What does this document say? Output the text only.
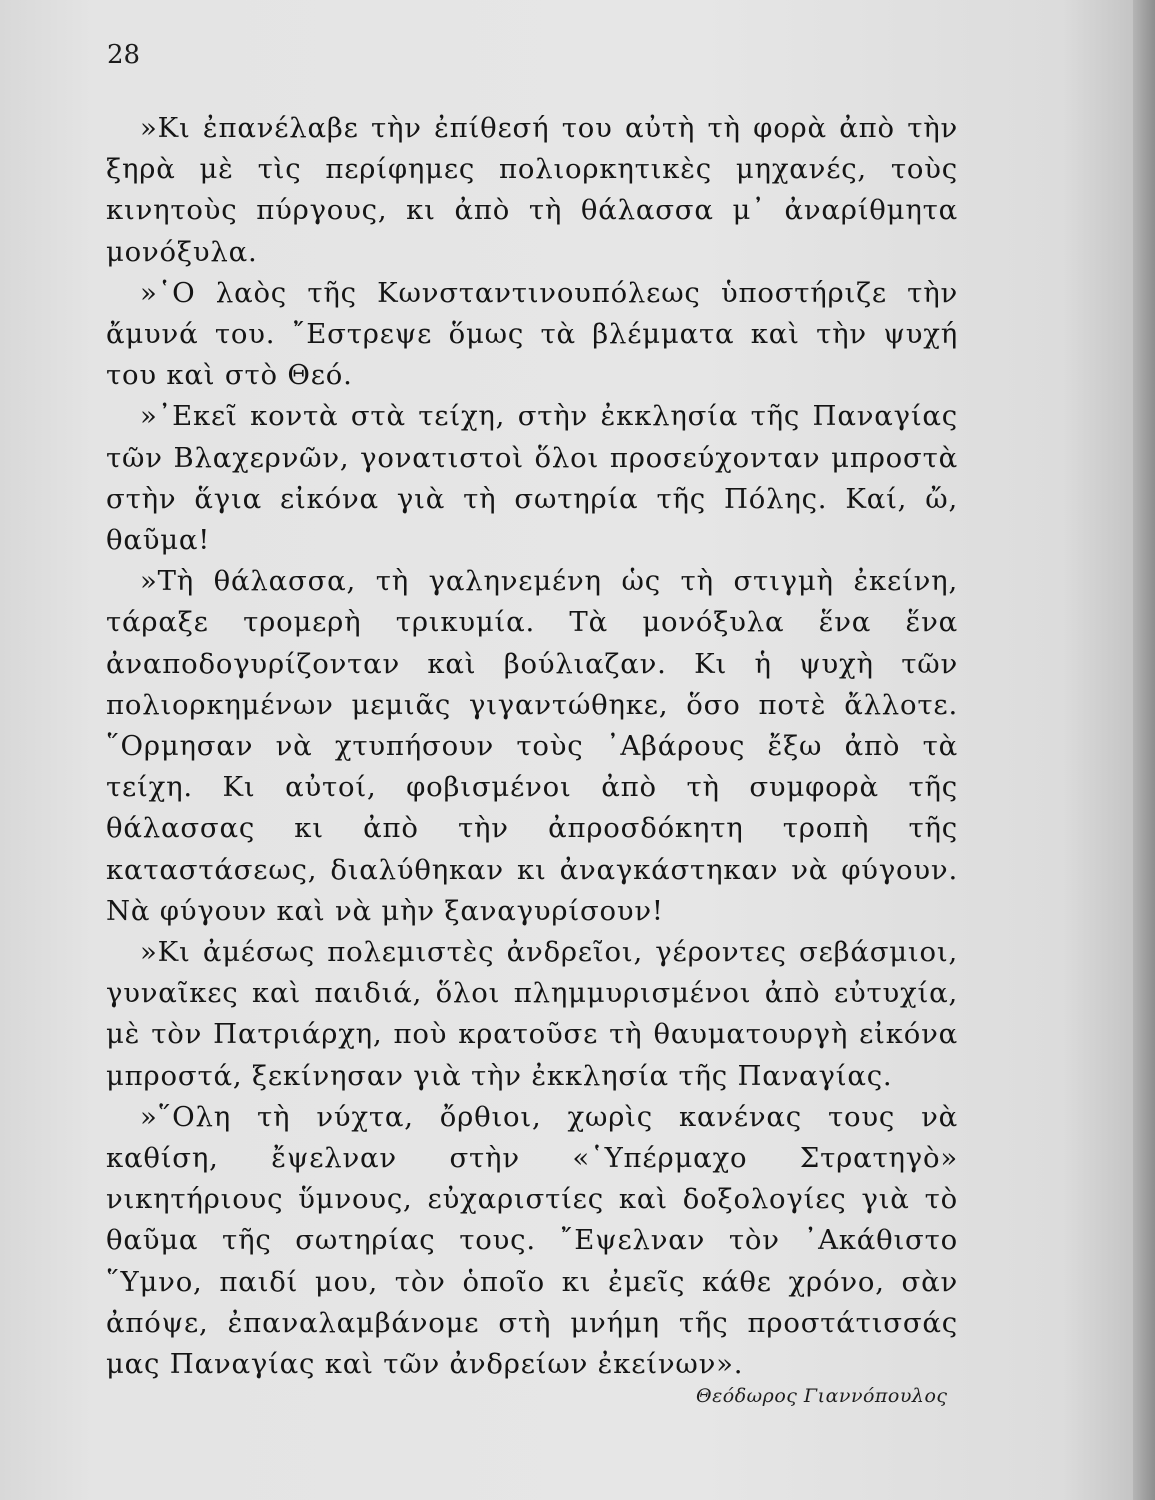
28

»Κι ἐπανέλαβε τὴν ἐπίθεσή του αὐτὴ τὴ φορὰ ἀπὸ τὴν ξηρὰ μὲ τὶς περίφημες πολιορκητικὲς μηχανές, τοὺς κινητοὺς πύργους, κι ἀπὸ τὴ θάλασσα μ᾽ ἀναρίθμητα μονόξυλα.

»῾Ο λαὸς τῆς Κωνσταντινουπόλεως ὑποστήριζε τὴν ἄμυνά του. ῎Εστρεψε ὅμως τὰ βλέμματα καὶ τὴν ψυχή του καὶ στὸ Θεό.

»᾽Εκεῖ κοντὰ στὰ τείχη, στὴν ἐκκλησία τῆς Παναγίας τῶν Βλαχερνῶν, γονατιστοὶ ὅλοι προσεύχονταν μπροστὰ στὴν ἅγια εἰκόνα γιὰ τὴ σωτηρία τῆς Πόλης. Καί, ὤ, θαῦμα!

»Τὴ θάλασσα, τὴ γαληνεμένη ὡς τὴ στιγμὴ ἐκείνη, τάραξε τρομερὴ τρικυμία. Τὰ μονόξυλα ἕνα ἕνα ἀναποδογυρίζονταν καὶ βούλιαζαν. Κι ἡ ψυχὴ τῶν πολιορκημένων μεμιᾶς γιγαντώθηκε, ὅσο ποτὲ ἄλλοτε. ῞Ορμησαν νὰ χτυπήσουν τοὺς ᾽Αβάρους ἔξω ἀπὸ τὰ τείχη. Κι αὐτοί, φοβισμένοι ἀπὸ τὴ συμφορὰ τῆς θάλασσας κι ἀπὸ τὴν ἀπροσδόκητη τροπὴ τῆς καταστάσεως, διαλύθηκαν κι ἀναγκάστηκαν νὰ φύγουν. Νὰ φύγουν καὶ νὰ μὴν ξαναγυρίσουν!

»Κι ἀμέσως πολεμιστὲς ἀνδρεῖοι, γέροντες σεβάσμιοι, γυναῖκες καὶ παιδιά, ὅλοι πλημμυρισμένοι ἀπὸ εὐτυχία, μὲ τὸν Πατριάρχη, ποὺ κρατοῦσε τὴ θαυματουργὴ εἰκόνα μπροστά, ξεκίνησαν γιὰ τὴν ἐκκλησία τῆς Παναγίας.

»῞Ολη τὴ νύχτα, ὄρθιοι, χωρὶς κανένας τους νὰ καθίση, ἔψελναν στὴν «῾Υπέρμαχο Στρατηγὸ» νικητήριους ὕμνους, εὐχαριστίες καὶ δοξολογίες γιὰ τὸ θαῦμα τῆς σωτηρίας τους. ῎Εψελναν τὸν ᾽Ακάθιστο ῞Υμνο, παιδί μου, τὸν ὁποῖο κι ἐμεῖς κάθε χρόνο, σὰν ἀπόψε, ἐπαναλαμβάνομε στὴ μνήμη τῆς προστάτισσάς μας Παναγίας καὶ τῶν ἀνδρείων ἐκείνων».

Θεόδωρος Γιαννόπουλος
